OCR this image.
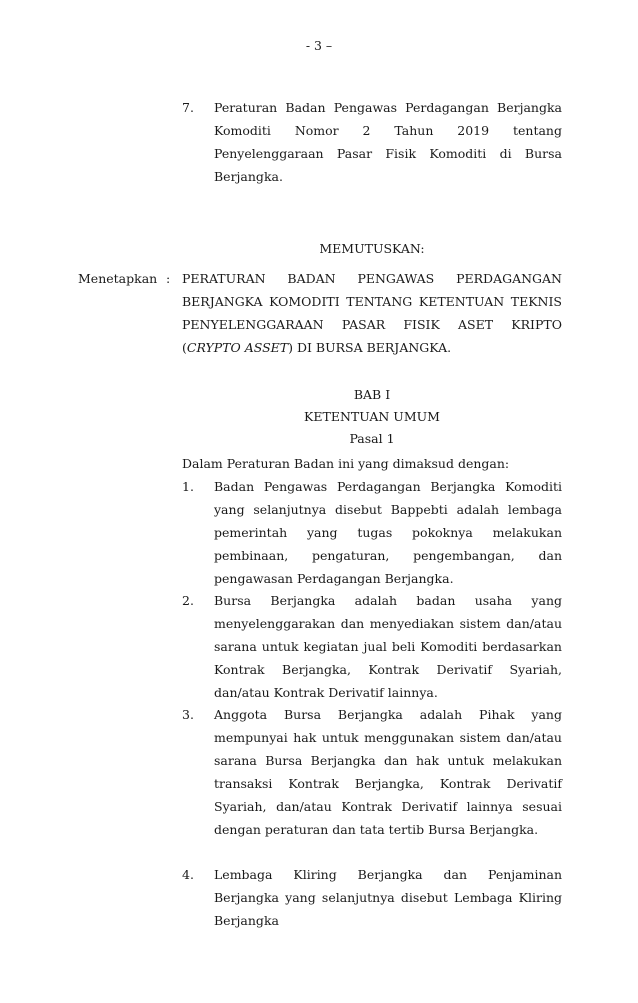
- 3 –
7. Peraturan Badan Pengawas Perdagangan Berjangka Komoditi Nomor 2 Tahun 2019 tentang Penyelenggaraan Pasar Fisik Komoditi di Bursa Berjangka.
MEMUTUSKAN:
Menetapkan : PERATURAN BADAN PENGAWAS PERDAGANGAN BERJANGKA KOMODITI TENTANG KETENTUAN TEKNIS PENYELENGGARAAN PASAR FISIK ASET KRIPTO (CRYPTO ASSET) DI BURSA BERJANGKA.
BAB I
KETENTUAN UMUM
Pasal 1
Dalam Peraturan Badan ini yang dimaksud dengan:
1. Badan Pengawas Perdagangan Berjangka Komoditi yang selanjutnya disebut Bappebti adalah lembaga pemerintah yang tugas pokoknya melakukan pembinaan, pengaturan, pengembangan, dan pengawasan Perdagangan Berjangka.
2. Bursa Berjangka adalah badan usaha yang menyelenggarakan dan menyediakan sistem dan/atau sarana untuk kegiatan jual beli Komoditi berdasarkan Kontrak Berjangka, Kontrak Derivatif Syariah, dan/atau Kontrak Derivatif lainnya.
3. Anggota Bursa Berjangka adalah Pihak yang mempunyai hak untuk menggunakan sistem dan/atau sarana Bursa Berjangka dan hak untuk melakukan transaksi Kontrak Berjangka, Kontrak Derivatif Syariah, dan/atau Kontrak Derivatif lainnya sesuai dengan peraturan dan tata tertib Bursa Berjangka.
4. Lembaga Kliring Berjangka dan Penjaminan Berjangka yang selanjutnya disebut Lembaga Kliring Berjangka
